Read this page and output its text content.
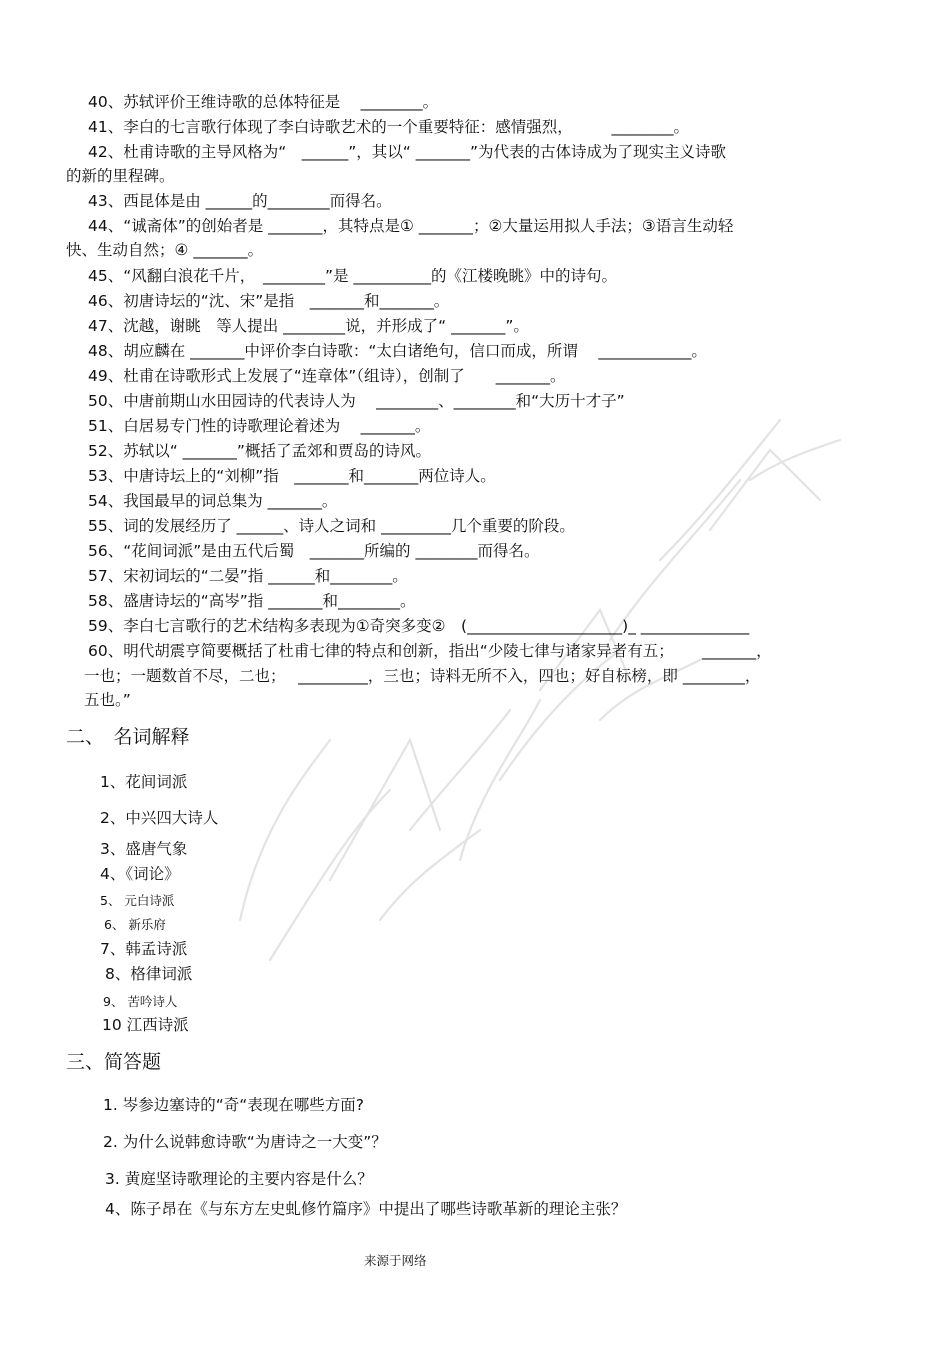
40、苏轼评价王维诗歌的总体特征是　 ________。
41、李白的七言歌行体现了李白诗歌艺术的一个重要特征：感情强烈，　　　________。
42、杜甫诗歌的主导风格为“　______”，其以“ _______”为代表的古体诗成为了现实主义诗歌
的新的里程碑。
43、西昆体是由 ______的________而得名。
44、“诚斋体”的创始者是 _______，其特点是① _______；②大量运用拟人手法；③语言生动轻
快、生动自然；④ _______。
45、“风翻白浪花千片，　________”是 __________的《江楼晚眺》中的诗句。
46、初唐诗坛的“沈、宋”是指　_______和_______。
47、沈越，谢眺　等人提出 ________说，并形成了“ _______”。
48、胡应麟在 _______中评价李白诗歌：“太白诸绝句，信口而成，所谓　 ____________。
49、杜甫在诗歌形式上发展了“连章体”（组诗），创制了　　_______。
50、中唐前期山水田园诗的代表诗人为　 ________、________和“大历十才子”
51、白居易专门性的诗歌理论着述为　 _______。
52、苏轼以“ _______”概括了孟郊和贾岛的诗风。
53、中唐诗坛上的“刘柳”指　_______和_______两位诗人。
54、我国最早的词总集为 _______。
55、词的发展经历了 ______、诗人之词和 _________几个重要的阶段。
56、“花间词派”是由五代后蜀　_______所编的 ________而得名。
57、宋初词坛的“二晏”指 ______和________。
58、盛唐诗坛的“高岑”指 _______和________。
59、李白七言歌行的艺术结构多表现为①奇突多变②　(____________________)_ ______________
60、明代胡震亨简要概括了杜甫七律的特点和创新，指出“少陵七律与诸家异者有五；　　 _______，
一也；一题数首不尽，二也；　 _________，三也；诗料无所不入，四也；好自标榜，即 ________，
五也。”
二、　名词解释
1、花间词派
2、中兴四大诗人
3、盛唐气象
4、《词论》
5、 元白诗派
6、 新乐府
7、韩孟诗派
8、格律词派
9、 苦吟诗人
10 江西诗派
三、简答题
1. 岑参边塞诗的“奇“表现在哪些方面?
2. 为什么说韩愈诗歌“为唐诗之一大变”？
3. 黄庭坚诗歌理论的主要内容是什么？
4、陈子昂在《与东方左史虬修竹篇序》中提出了哪些诗歌革新的理论主张？
来源于网络
